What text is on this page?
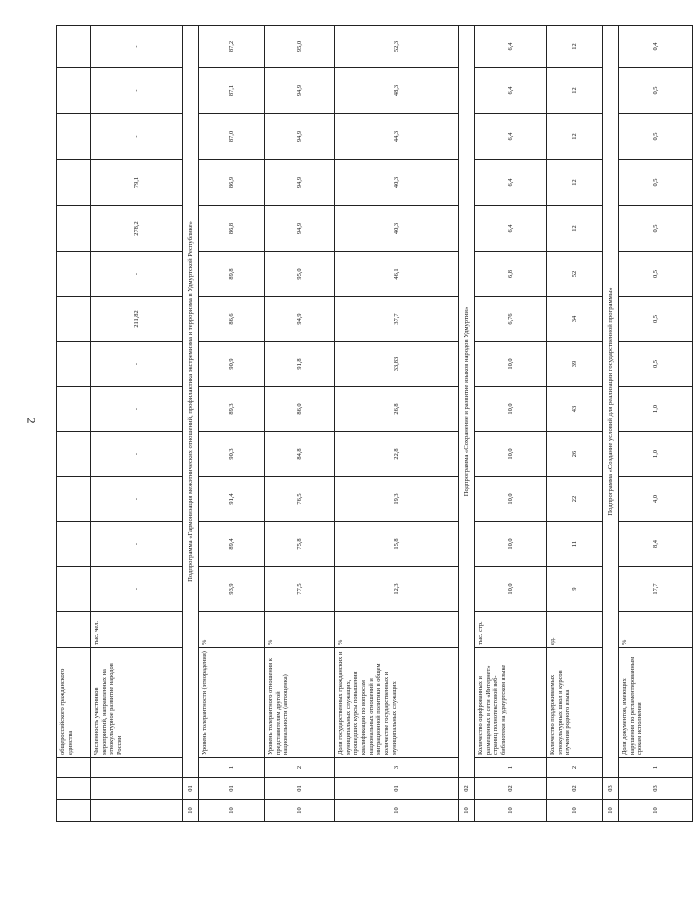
2
			общероссийского гражданского единства														
			Численность участников мероприятий, направленных на этнокультурное развитие народов России	тыс. чел.	-	-	-	-	-	-	211,82	-	278,2	79,1	-	-	-
10	01	Подпрограмма «Гармонизация межэтнических отношений, профилактика экстремизма и терроризма в Удмуртской Республике»															
10	01	1	Уровень толерантности (этнорадения)	%	93,9	89,4	91,4	90,3	89,3	90,9	86,6	89,8	86,8	86,9	87,0	87,1	87,2
10	01	2	Уровень толерантного отношения к представителям другой национальности (автооценка)	%	77,5	75,8	76,5	84,8	86,0	91,8	94,9	95,0	94,9	94,9	94,9	94,9	95,0
10	01	3	Доля государственных гражданских и муниципальных служащих, прошедших курсы повышения квалификации по вопросам национальных отношений и миграционной политики в общем количестве государственных и муниципальных служащих	%	12,3	15,8	19,3	22,8	26,8	33,83	37,7	46,1	40,3	40,3	44,3	48,3	52,3
10	02	Подпрограмма «Сохранение и развитие языков народов Удмуртии»															
10	02	1	Количество оцифрованных и размещенных в сети «Интернет» страниц полнотекстовой веб-библиотеки на удмуртском языке	тыс. стр.	10,0	10,0	10,0	10,0	10,0	10,0	6,76	6,8	6,4	6,4	6,4	6,4	6,4
10	02	2	Количество поддерживаемых этнокультурных школ и курсов изучения родного языка	ед.	9	11	22	26	43	39	34	52	12	12	12	12	12
10	03	Подпрограмма «Создание условий для реализации государственной программы»															
10	03	1	Доля документов, имеющих нарушения по регламентированным срокам исполнения	%	17,7	8,4	4,0	1,0	1,0	0,5	0,5	0,5	0,5	0,5	0,5	0,5	0,4
